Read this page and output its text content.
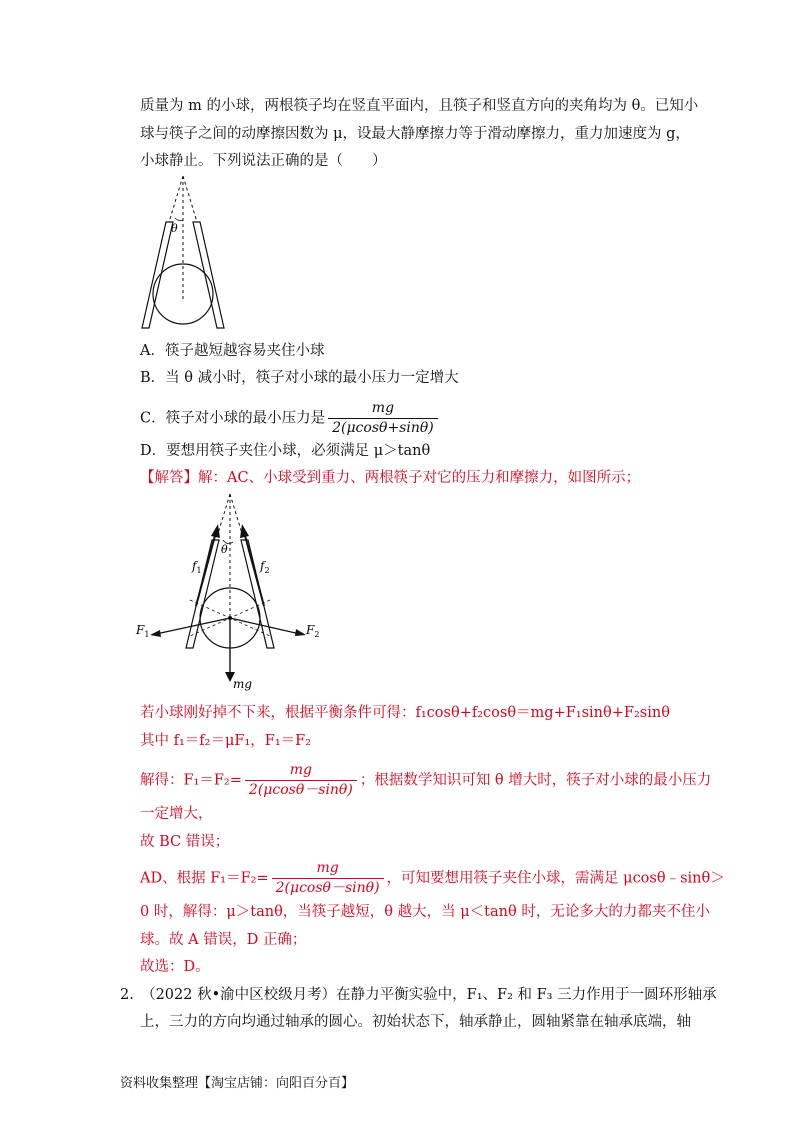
质量为 m 的小球，两根筷子均在竖直平面内，且筷子和竖直方向的夹角均为 θ。已知小
球与筷子之间的动摩擦因数为 μ，设最大静摩擦力等于滑动摩擦力，重力加速度为 g，
小球静止。下列说法正确的是（　　）
θ
A．筷子越短越容易夹住小球
B．当 θ 减小时，筷子对小球的最小压力一定增大
C．筷子对小球的最小压力是 $\frac{mg}{2(\mu\cos\theta+\sin\theta)}$
D．要想用筷子夹住小球，必须满足 μ＞tanθ
【解答】解：AC、小球受到重力、两根筷子对它的压力和摩擦力，如图所示；
θ
$f_1$	$f_2$
$F_1$	$F_2$
mg
若小球刚好掉不下来，根据平衡条件可得：f₁cosθ+f₂cosθ＝mg+F₁sinθ+F₂sinθ
其中 f₁＝f₂＝μF₁，F₁＝F₂
解得：$F_1=F_2= \frac{mg}{2(\mu\cos\theta-\sin\theta)}$ ；根据数学知识可知 θ 增大时，筷子对小球的最小压力
一定增大，
故 BC 错误；
AD、根据 $F_1=F_2= \frac{mg}{2(\mu\cos\theta-\sin\theta)}$ ，可知要想用筷子夹住小球，需满足 μcosθ﹣sinθ＞
0 时，解得：μ＞tanθ，当筷子越短，θ 越大，当 μ＜tanθ 时，无论多大的力都夹不住小
球。故 A 错误，D 正确；
故选：D。
2.　（2022 秋•渝中区校级月考）在静力平衡实验中，F₁、F₂ 和 F₃ 三力作用于一圆环形轴承
上，三力的方向均通过轴承的圆心。初始状态下，轴承静止，圆轴紧靠在轴承底端，轴
资料收集整理【淘宝店铺：向阳百分百】
